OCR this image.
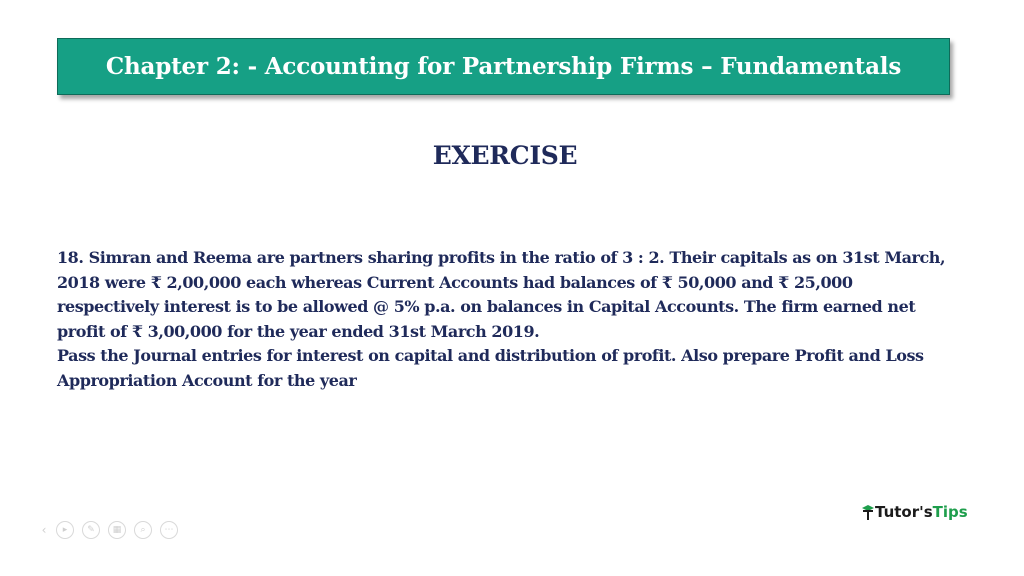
Chapter 2: - Accounting for Partnership Firms – Fundamentals
EXERCISE

18. Simran and Reema are partners sharing profits in the ratio of 3 : 2. Their capitals as on 31st March, 2018 were ₹ 2,00,000 each whereas Current Accounts had balances of ₹ 50,000 and ₹ 25,000 respectively interest is to be allowed @ 5% p.a. on balances in Capital Accounts. The firm earned net profit of ₹ 3,00,000 for the year ended 31st March 2019.

Pass the Journal entries for interest on capital and distribution of profit. Also prepare Profit and Loss Appropriation Account for the year

‹	▸	✎	▦	⌕	⋯
Tutor's Tips
